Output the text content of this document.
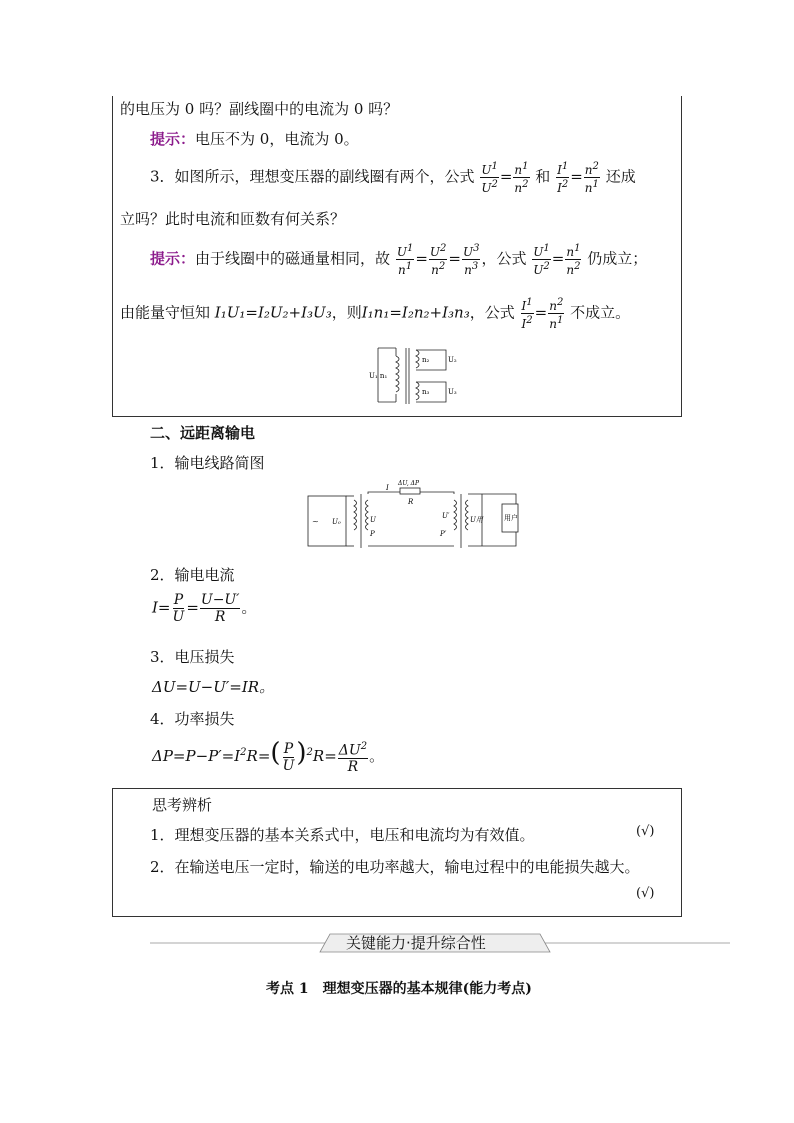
的电压为 0 吗？副线圈中的电流为 0 吗？
提示：电压不为 0，电流为 0。
3．如图所示，理想变压器的副线圈有两个，公式 $\frac{U^1}{U^2} = \frac{n^1}{n^2}$ 和 $\frac{I^1}{I^2} = \frac{n^2}{n^1}$ 还成
立吗？此时电流和匝数有何关系？
提示：由于线圈中的磁通量相同，故 $\frac{U^1}{n^1} = \frac{U^2}{n^2} = \frac{U^3}{n^3}$ ，公式 $\frac{U^1}{U^2} = \frac{n^1}{n^2}$ 仍成立；
由能量守恒知 I₁U₁=I₂U₂+I₃U₃，则I₁n₁=I₂n₂+I₃n₃，公式 $\frac{I^1}{I^2} = \frac{n^2}{n^1}$ 不成立。
U₁ n₁
n₂	U₂
n₃	U₃
二、远距离输电
1．输电线路简图
~ U₀	U
P
I
ΔU, ΔP
R
U′
P′
U用	用户
2．输电电流
$I= \frac{P}{U} = \frac{U-U'}{R}$ 。
3．电压损失
ΔU=U−U′=IR。
4．功率损失
$\Delta P=P-P'=I^2R=( \frac{P}{U} )^2R= \frac{\Delta U^2}{R}$ 。
思考辨析
1．理想变压器的基本关系式中，电压和电流均为有效值。	(√)
2．在输送电压一定时，输送的电功率越大，输电过程中的电能损失越大。
(√)
关键能力·提升综合性
考点 1　理想变压器的基本规律(能力考点)
